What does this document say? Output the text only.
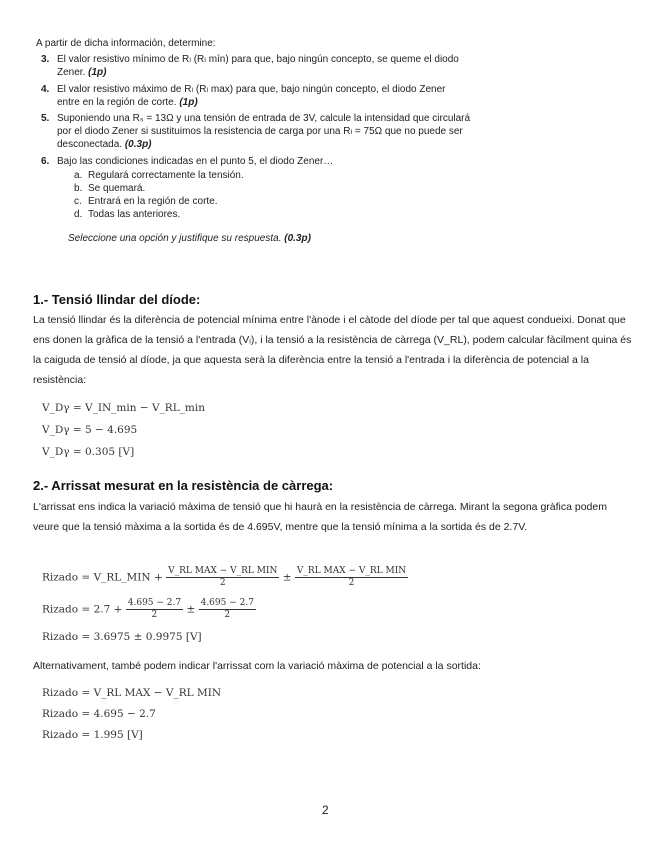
A partir de dicha información, determine:
3. El valor resistivo mínimo de Rₗ (Rₗ mín) para que, bajo ningún concepto, se queme el diodo Zener. (1p)
4. El valor resistivo máximo de Rₗ (Rₗ max) para que, bajo ningún concepto, el diodo Zener entre en la región de corte. (1p)
5. Suponiendo una Rₛ = 13Ω y una tensión de entrada de 3V, calcule la intensidad que circulará por el diodo Zener si sustituimos la resistencia de carga por una Rₗ = 75Ω que no puede ser desconectada. (0.3p)
6. Bajo las condiciones indicadas en el punto 5, el diodo Zener…
a. Regulará correctamente la tensión.
b. Se quemará.
c. Entrará en la región de corte.
d. Todas las anteriores.
Seleccione una opción y justifique su respuesta. (0.3p)
1.- Tensió llindar del díode:
La tensió llindar és la diferència de potencial mínima entre l'ànode i el càtode del díode per tal que aquest condueixi. Donat que ens donen la gràfica de la tensió a l'entrada (Vᵢ), i la tensió a la resistència de càrrega (V_RL), podem calcular fàcilment quina és la caiguda de tensió al díode, ja que aquesta serà la diferència entre la tensió a l'entrada i la diferència de potencial a la resistència:
V_Dγ = V_IN_min − V_RL_min
V_Dγ = 5 − 4.695
V_Dγ = 0.305 [V]
2.- Arrissat mesurat en la resistència de càrrega:
L'arrissat ens indica la variació màxima de tensió que hi haurà en la resistència de càrrega. Mirant la segona gràfica podem veure que la tensió màxima a la sortida és de 4.695V, mentre que la tensió mínima a la sortida és de 2.7V.
Rizado = V_RL_MIN + $\frac{\text{V\_RL MAX − V\_RL MIN}}{2} \pm \frac{\text{V\_RL MAX − V\_RL MIN}}{2}$
Rizado = $2.7 + \frac{4.695 - 2.7}{2} \pm \frac{4.695 - 2.7}{2}$
Rizado = 3.6975 ± 0.9975 [V]
Alternativament, també podem indicar l'arrissat com la variació màxima de potencial a la sortida:
Rizado = V_RL MAX − V_RL MIN
Rizado = 4.695 − 2.7
Rizado = 1.995 [V]
2
